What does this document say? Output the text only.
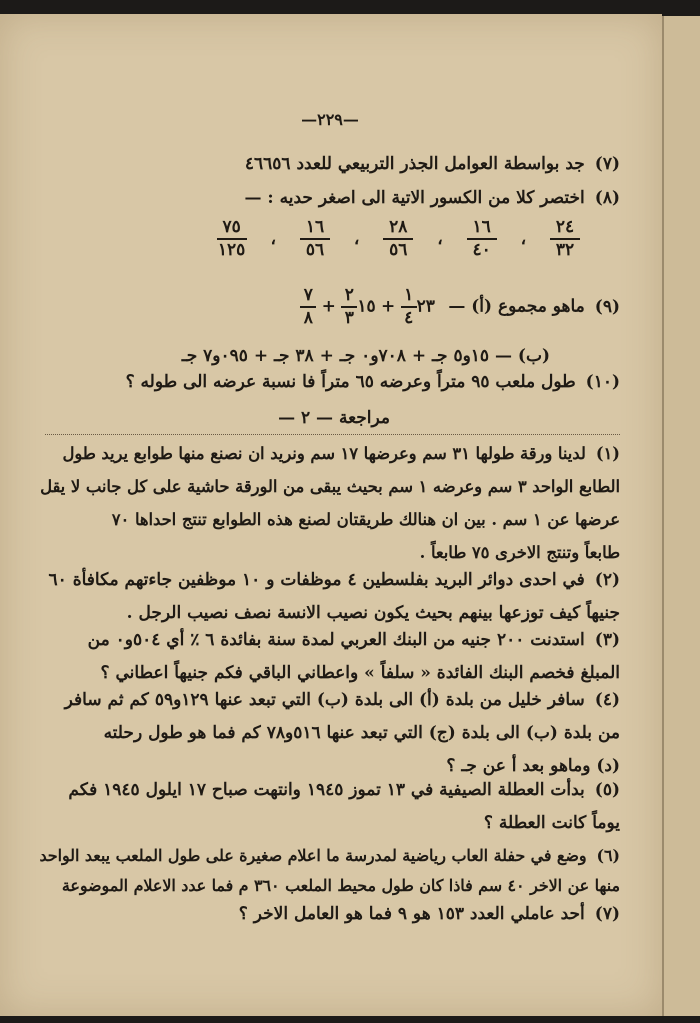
—٢٢٩—
(٧)جد بواسطة العوامل الجذر التربيعي للعدد ٤٦٦٥٦
(٨)اختصر كلا من الكسور الاتية الى اصغر حديه : —
٢٤
٣٢
،
١٦
٤٠
،
٢٨
٥٦
،
١٦
٥٦
،
٧٥
١٢٥
(٩)ماهو مجموع (أ) — ٢٣
١
٤
+ ١٥
٢
٣
+
٧
٨
(ب) — ١٥و٥ جـ + ٧٠٨و٠ جـ + ٣٨ جـ + ٠٩٥و٧ جـ
(١٠)طول ملعب ٩٥ متراً وعرضه ٦٥ متراً فا نسبة عرضه الى طوله ؟
مراجعة — ٢ —
(١)لدينا ورقة طولها ٣١ سم وعرضها ١٧ سم ونريد ان نصنع منها طوابع يريد طول
الطابع الواحد ٣ سم وعرضه ١ سم بحيث يبقى من الورقة حاشية على كل جانب لا يقل
عرضها عن ١ سم . بين ان هنالك طريقتان لصنع هذه الطوابع تنتج احداها ٧٠
طابعاً وتنتج الاخرى ٧٥ طابعاً .
(٢)في احدى دوائر البريد بفلسطين ٤ موظفات و ١٠ موظفين جاءتهم مكافأة ٦٠
جنيهاً كيف توزعها بينهم بحيث يكون نصيب الانسة نصف نصيب الرجل .
(٣)استدنت ٢٠٠ جنيه من البنك العربي لمدة سنة بفائدة ٦ ٪ أي ٥٠٤و٠ من
المبلغ فخصم البنك الفائدة « سلفاً » واعطاني الباقي فكم جنيهاً اعطاني ؟
(٤)سافر خليل من بلدة (أ) الى بلدة (ب) التي تبعد عنها ١٢٩و٥٩ كم ثم سافر
من بلدة (ب) الى بلدة (ج) التي تبعد عنها ٥١٦و٧٨ كم فما هو طول رحلته
(د) وماهو بعد أ عن جـ ؟
(٥)بدأت العطلة الصيفية في ١٣ تموز ١٩٤٥ وانتهت صباح ١٧ ايلول ١٩٤٥ فكم
يوماً كانت العطلة ؟
(٦)وضع في حفلة العاب رياضية لمدرسة ما اعلام صغيرة على طول الملعب يبعد الواحد
منها عن الاخر ٤٠ سم فاذا كان طول محيط الملعب ٣٦٠ م فما عدد الاعلام الموضوعة
(٧)أحد عاملي العدد ١٥٣ هو ٩ فما هو العامل الاخر ؟
